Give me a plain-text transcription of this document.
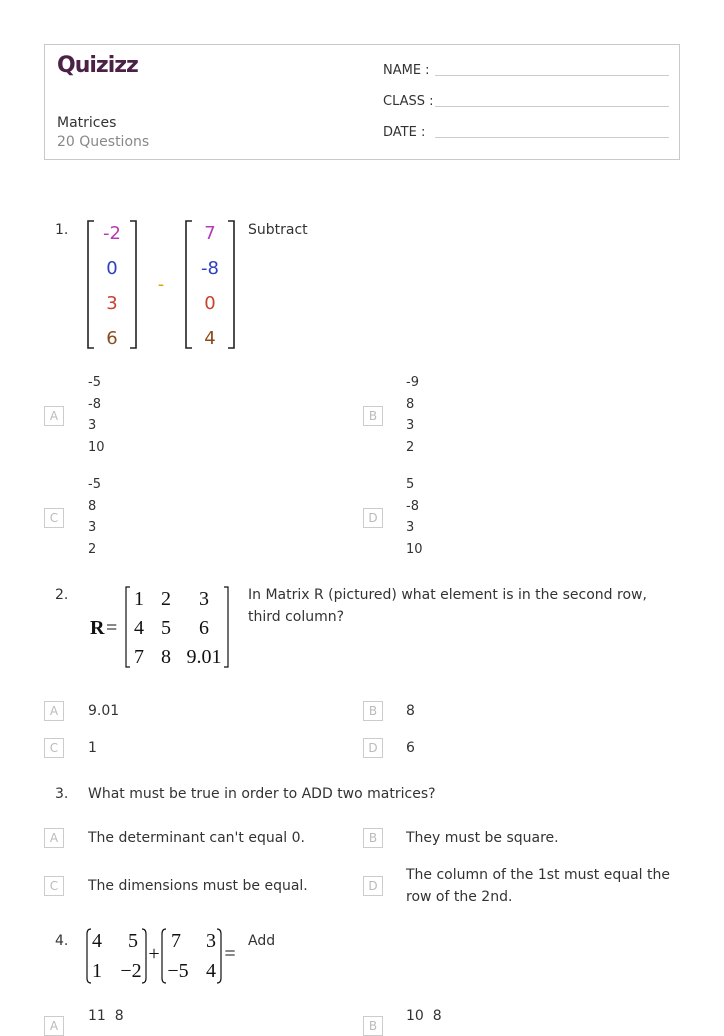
Quizizz
Matrices
20 Questions
NAME :
CLASS :
DATE :
1. -2
0
3
6
-
7
-8
0
4
Subtract
A
-5
-8
3
10
B
-9
8
3
2
C
-5
8
3
2
D
5
-8
3
10
2.
R =
1 2 3
4 5 6
7 8 9.01
In Matrix R (pictured) what element is in the second row, third column?
A	9.01	B	8
C	1	D	6
3. What must be true in order to ADD two matrices?
A	The determinant can't equal 0.	B	They must be square.
C	The dimensions must be equal.	D
The column of the 1st must equal the row of the 2nd.
4. 4 5
1 −2
+
7 3
−5 4
=
Add
A
11  8
B
10  8
